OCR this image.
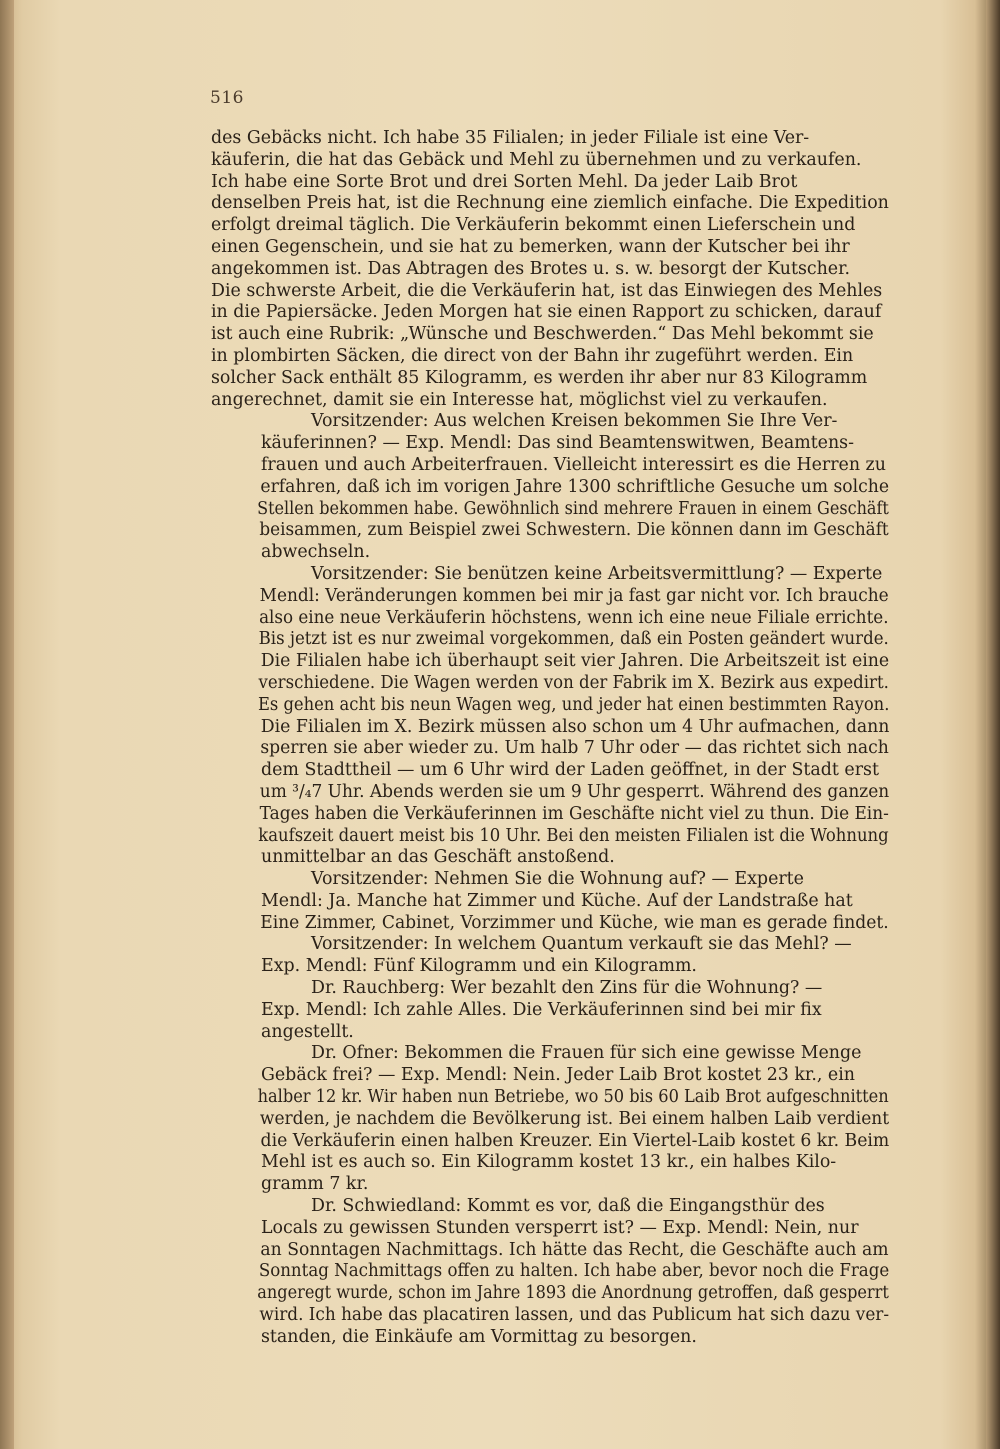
516

des Gebäcks nicht. Ich habe 35 Filialen; in jeder Filiale ist eine Ver-
käuferin, die hat das Gebäck und Mehl zu übernehmen und zu verkaufen.
Ich habe eine Sorte Brot und drei Sorten Mehl. Da jeder Laib Brot
denselben Preis hat, ist die Rechnung eine ziemlich einfache. Die Expedition
erfolgt dreimal täglich. Die Verkäuferin bekommt einen Lieferschein und
einen Gegenschein, und sie hat zu bemerken, wann der Kutscher bei ihr
angekommen ist. Das Abtragen des Brotes u. s. w. besorgt der Kutscher.
Die schwerste Arbeit, die die Verkäuferin hat, ist das Einwiegen des Mehles
in die Papiersäcke. Jeden Morgen hat sie einen Rapport zu schicken, darauf
ist auch eine Rubrik: „Wünsche und Beschwerden.“ Das Mehl bekommt sie
in plombirten Säcken, die direct von der Bahn ihr zugeführt werden. Ein
solcher Sack enthält 85 Kilogramm, es werden ihr aber nur 83 Kilogramm
angerechnet, damit sie ein Interesse hat, möglichst viel zu verkaufen.

Vorsitzender: Aus welchen Kreisen bekommen Sie Ihre Ver-
käuferinnen? — Exp. Mendl: Das sind Beamtenswitwen, Beamtens-
frauen und auch Arbeiterfrauen. Vielleicht interessirt es die Herren zu
erfahren, daß ich im vorigen Jahre 1300 schriftliche Gesuche um solche
Stellen bekommen habe. Gewöhnlich sind mehrere Frauen in einem Geschäft
beisammen, zum Beispiel zwei Schwestern. Die können dann im Geschäft
abwechseln.

Vorsitzender: Sie benützen keine Arbeitsvermittlung? — Experte
Mendl: Veränderungen kommen bei mir ja fast gar nicht vor. Ich brauche
also eine neue Verkäuferin höchstens, wenn ich eine neue Filiale errichte.
Bis jetzt ist es nur zweimal vorgekommen, daß ein Posten geändert wurde.
Die Filialen habe ich überhaupt seit vier Jahren. Die Arbeitszeit ist eine
verschiedene. Die Wagen werden von der Fabrik im X. Bezirk aus expedirt.
Es gehen acht bis neun Wagen weg, und jeder hat einen bestimmten Rayon.
Die Filialen im X. Bezirk müssen also schon um 4 Uhr aufmachen, dann
sperren sie aber wieder zu. Um halb 7 Uhr oder — das richtet sich nach
dem Stadttheil — um 6 Uhr wird der Laden geöffnet, in der Stadt erst
um ³/₄7 Uhr. Abends werden sie um 9 Uhr gesperrt. Während des ganzen
Tages haben die Verkäuferinnen im Geschäfte nicht viel zu thun. Die Ein-
kaufszeit dauert meist bis 10 Uhr. Bei den meisten Filialen ist die Wohnung
unmittelbar an das Geschäft anstoßend.

Vorsitzender: Nehmen Sie die Wohnung auf? — Experte
Mendl: Ja. Manche hat Zimmer und Küche. Auf der Landstraße hat
Eine Zimmer, Cabinet, Vorzimmer und Küche, wie man es gerade findet.

Vorsitzender: In welchem Quantum verkauft sie das Mehl? —
Exp. Mendl: Fünf Kilogramm und ein Kilogramm.

Dr. Rauchberg: Wer bezahlt den Zins für die Wohnung? —
Exp. Mendl: Ich zahle Alles. Die Verkäuferinnen sind bei mir fix
angestellt.

Dr. Ofner: Bekommen die Frauen für sich eine gewisse Menge
Gebäck frei? — Exp. Mendl: Nein. Jeder Laib Brot kostet 23 kr., ein
halber 12 kr. Wir haben nun Betriebe, wo 50 bis 60 Laib Brot aufgeschnitten
werden, je nachdem die Bevölkerung ist. Bei einem halben Laib verdient
die Verkäuferin einen halben Kreuzer. Ein Viertel-Laib kostet 6 kr. Beim
Mehl ist es auch so. Ein Kilogramm kostet 13 kr., ein halbes Kilo-
gramm 7 kr.

Dr. Schwiedland: Kommt es vor, daß die Eingangsthür des
Locals zu gewissen Stunden versperrt ist? — Exp. Mendl: Nein, nur
an Sonntagen Nachmittags. Ich hätte das Recht, die Geschäfte auch am
Sonntag Nachmittags offen zu halten. Ich habe aber, bevor noch die Frage
angeregt wurde, schon im Jahre 1893 die Anordnung getroffen, daß gesperrt
wird. Ich habe das placatiren lassen, und das Publicum hat sich dazu ver-
standen, die Einkäufe am Vormittag zu besorgen.
